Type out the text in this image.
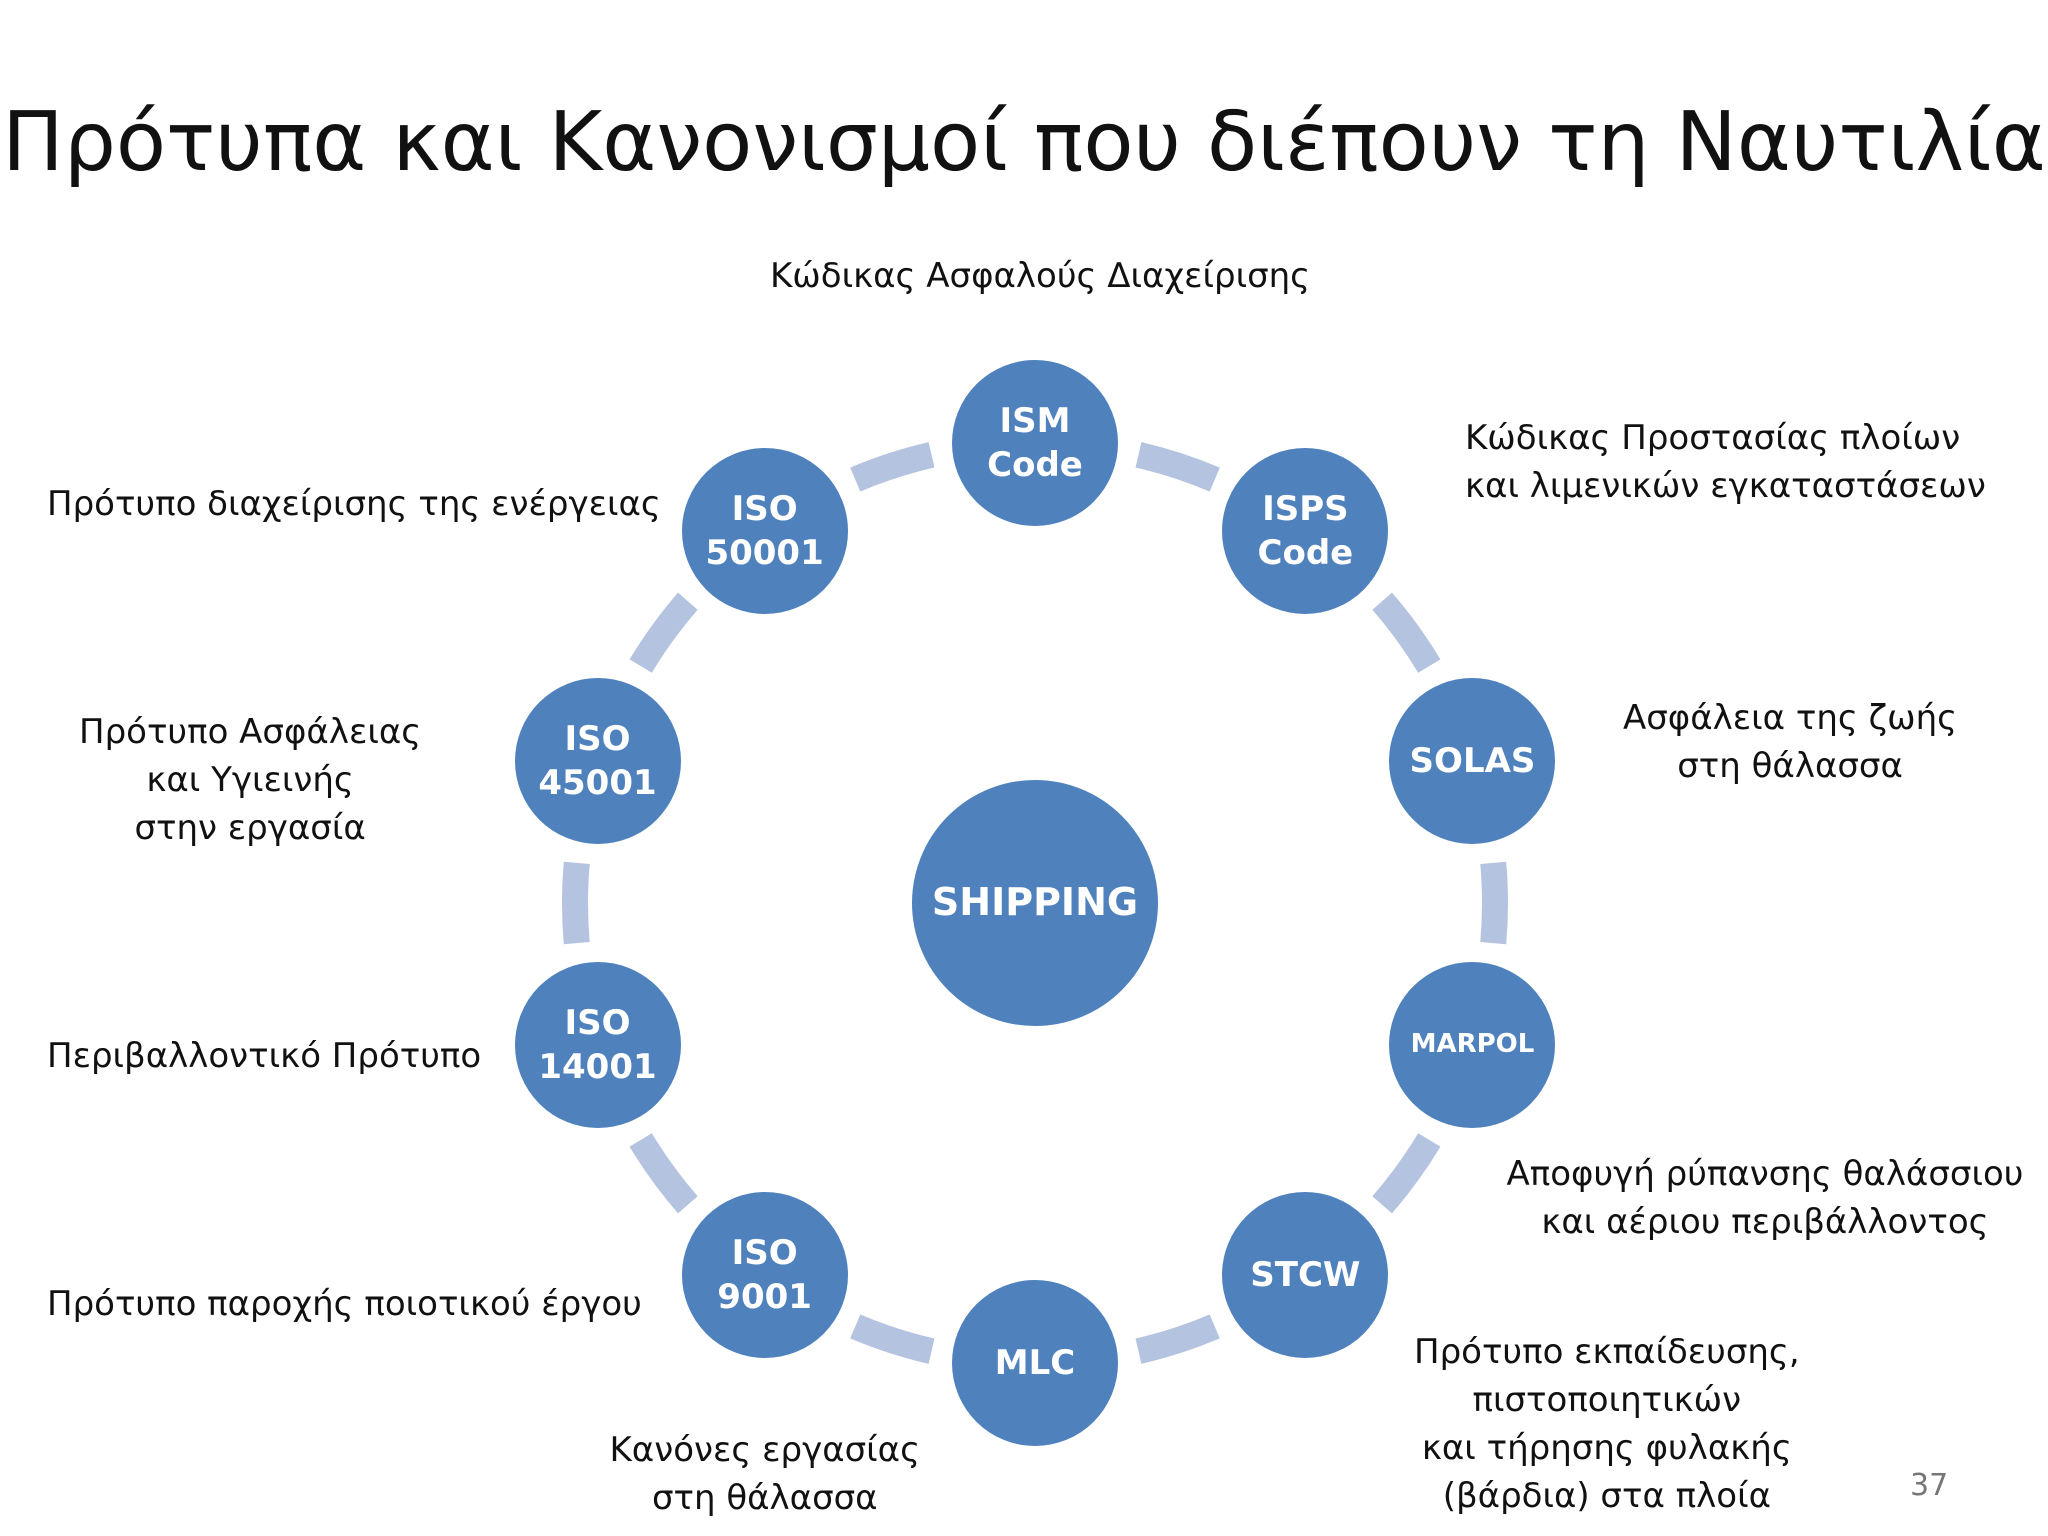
Πρότυπα και Κανονισμοί που διέπουν τη Ναυτιλία
SHIPPING
ISM
Code
Κώδικας Ασφαλούς Διαχείρισης
ISPS
Code
Κώδικας Προστασίας πλοίων
και λιμενικών εγκαταστάσεων
SOLAS
Ασφάλεια της ζωής
στη θάλασσα
MARPOL
Αποφυγή ρύπανσης θαλάσσιου
και αέριου περιβάλλοντος
STCW
Πρότυπο εκπαίδευσης,
πιστοποιητικών
και τήρησης φυλακής
(βάρδια) στα πλοία
MLC
Κανόνες εργασίας
στη θάλασσα
ISO
9001
Πρότυπο παροχής ποιοτικού έργου
ISO
14001
Περιβαλλοντικό Πρότυπο
ISO
45001
Πρότυπο Ασφάλειας
και Υγιεινής
στην εργασία
ISO
50001
Πρότυπο διαχείρισης της ενέργειας
37
